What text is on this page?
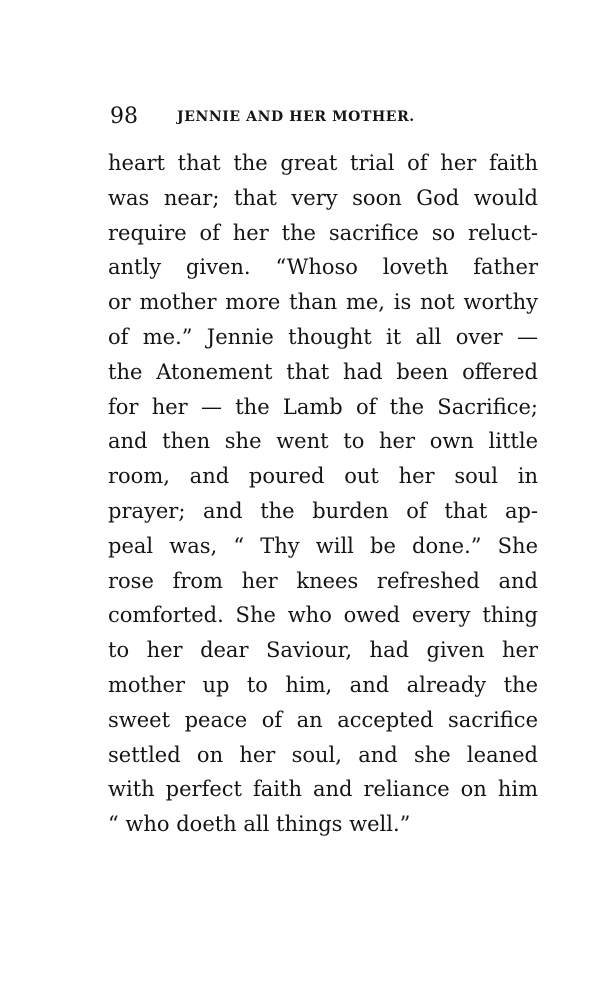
98	JENNIE AND HER MOTHER.
heart that the great trial of her faith
was near; that very soon God would
require of her the sacrifice so reluct-
antly given. “Whoso loveth father
or mother more than me, is not worthy
of me.” Jennie thought it all over —
the Atonement that had been offered
for her — the Lamb of the Sacrifice;
and then she went to her own little
room, and poured out her soul in
prayer; and the burden of that ap-
peal was, “ Thy will be done.” She
rose from her knees refreshed and
comforted. She who owed every thing
to her dear Saviour, had given her
mother up to him, and already the
sweet peace of an accepted sacrifice
settled on her soul, and she leaned
with perfect faith and reliance on him
“ who doeth all things well.”
